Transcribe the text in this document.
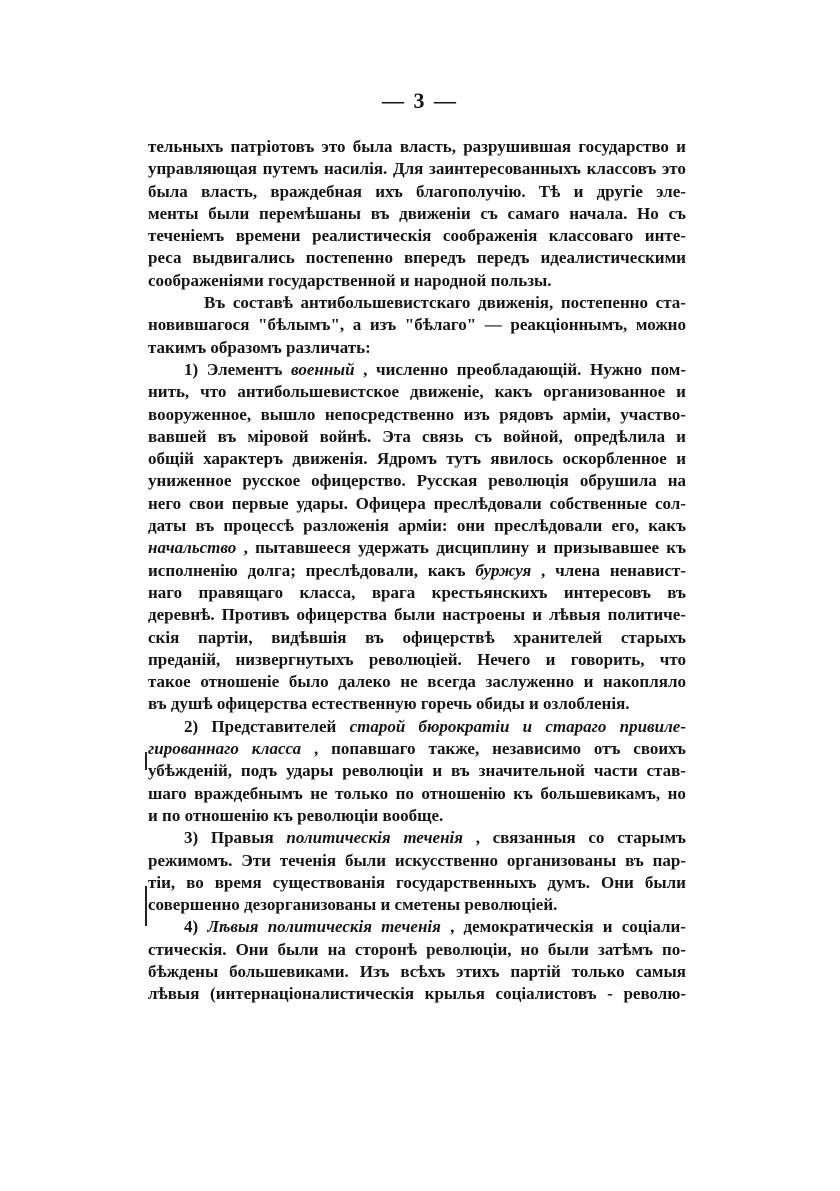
— 3 —
тельныхъ патріотовъ это была власть, разрушившая государство и
управляющая путемъ насилія. Для заинтересованныхъ классовъ это
была власть, враждебная ихъ благополучію. Тѣ и другіе эле-
менты были перемѣшаны въ движеніи съ самаго начала. Но съ
теченіемъ времени реалистическія соображенія классоваго инте-
реса выдвигались постепенно впередъ передъ идеалистическими
соображеніями государственной и народной пользы.
Въ составѣ антибольшевистскаго движенія, постепенно ста-
новившагося "бѣлымъ", а изъ "бѣлаго" — реакціоннымъ, можно
такимъ образомъ различать:
1) Элементъ военный , численно преобладающій. Нужно пом-
нить, что антибольшевистское движеніе, какъ организованное и
вооруженное, вышло непосредственно изъ рядовъ арміи, участво-
вавшей въ міровой войнѣ. Эта связь съ войной, опредѣлила и
общій характеръ движенія. Ядромъ тутъ явилось оскорбленное и
униженное русское офицерство. Русская революція обрушила на
него свои первые удары. Офицера преслѣдовали собственные сол-
даты въ процессѣ разложенія арміи: они преслѣдовали его, какъ
начальство , пытавшееся удержать дисциплину и призывавшее къ
исполненію долга; преслѣдовали, какъ буржуя , члена ненавист-
наго правящаго класса, врага крестьянскихъ интересовъ въ
деревнѣ. Противъ офицерства были настроены и лѣвыя политиче-
скія партіи, видѣвшія въ офицерствѣ хранителей старыхъ
преданій, низвергнутыхъ революціей. Нечего и говорить, что
такое отношеніе было далеко не всегда заслуженно и накопляло
въ душѣ офицерства естественную горечь обиды и озлобленія.
2) Представителей старой бюрократіи и стараго привиле-
гированнаго класса , попавшаго также, независимо отъ своихъ
убѣжденій, подъ удары революціи и въ значительной части став-
шаго враждебнымъ не только по отношенію къ большевикамъ, но
и по отношенію къ революціи вообще.
3) Правыя политическія теченія , связанныя со старымъ
режимомъ. Эти теченія были искусственно организованы въ пар-
тіи, во время существованія государственныхъ думъ. Они были
совершенно дезорганизованы и сметены революціей.
4) Лѣвыя политическія теченія , демократическія и соціали-
стическія. Они были на сторонѣ революціи, но были затѣмъ по-
бѣждены большевиками. Изъ всѣхъ этихъ партій только самыя
лѣвыя (интернаціоналистическія крылья соціалистовъ - револю-
